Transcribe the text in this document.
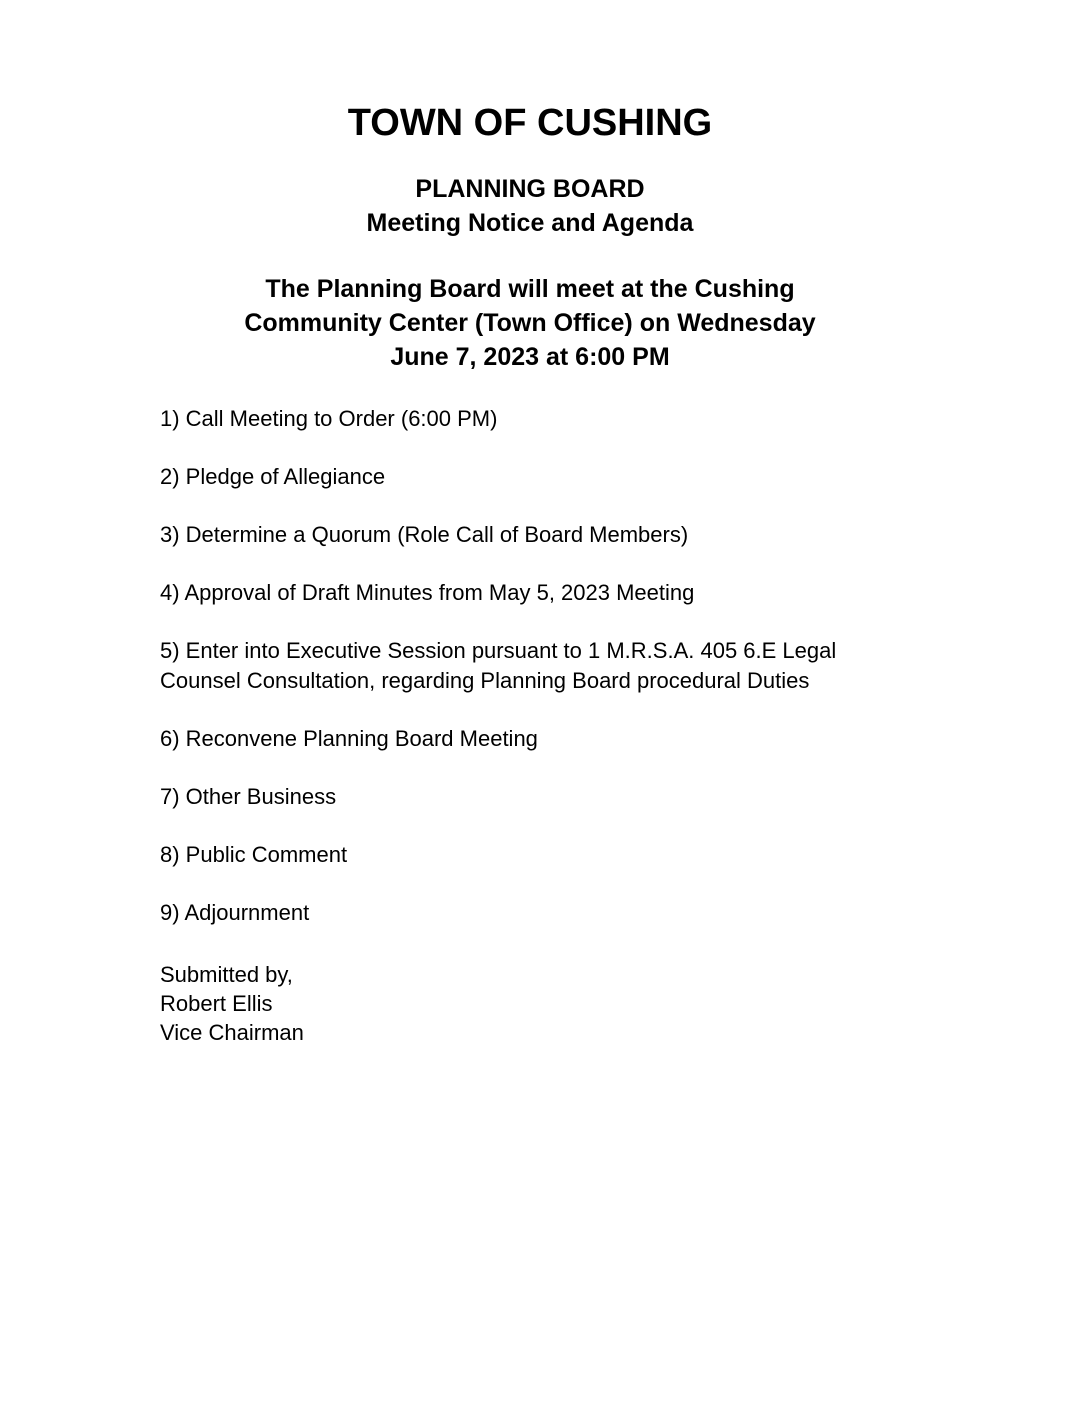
TOWN OF CUSHING
PLANNING BOARD
Meeting Notice and Agenda
The Planning Board will meet at the Cushing
Community Center (Town Office) on Wednesday
June 7, 2023 at 6:00 PM
1) Call Meeting to Order (6:00 PM)
2) Pledge of Allegiance
3) Determine a Quorum (Role Call of Board Members)
4) Approval of Draft Minutes from May 5, 2023 Meeting
5) Enter into Executive Session pursuant to 1 M.R.S.A. 405 6.E Legal
Counsel Consultation, regarding Planning Board procedural Duties
6) Reconvene Planning Board Meeting
7) Other Business
8) Public Comment
9) Adjournment
Submitted by,
Robert Ellis
Vice Chairman
